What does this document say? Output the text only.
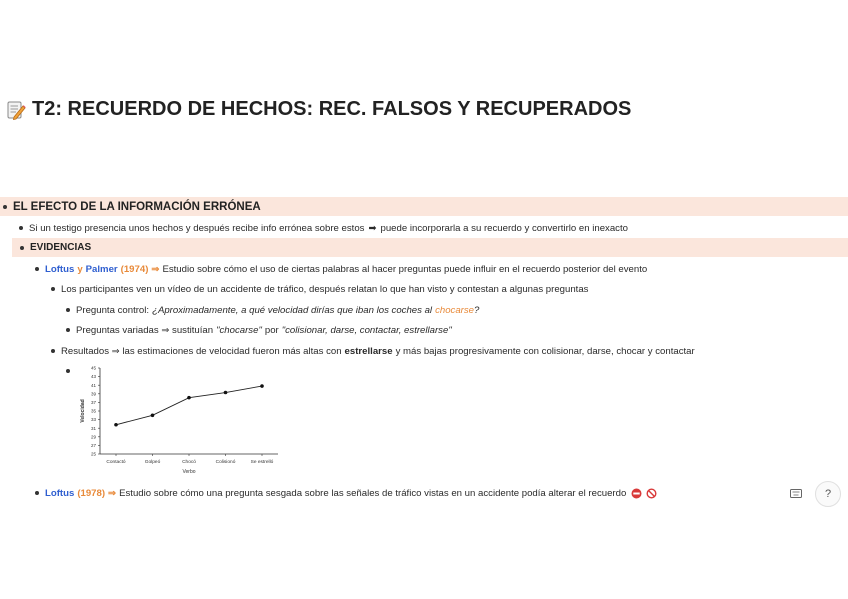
T2: RECUERDO DE HECHOS: REC. FALSOS Y RECUPERADOS
EL EFECTO DE LA INFORMACIÓN ERRÓNEA
Si un testigo presencia unos hechos y después recibe info errónea sobre estos ➡ puede incorporarla a su recuerdo y convertirlo en inexacto
EVIDENCIAS
Loftus y Palmer (1974) ⇒ Estudio sobre cómo el uso de ciertas palabras al hacer preguntas puede influir en el recuerdo posterior del evento
Los participantes ven un vídeo de un accidente de tráfico, después relatan lo que han visto y contestan a algunas preguntas
Pregunta control: ¿Aproximadamente, a qué velocidad dirías que iban los coches al chocarse ?
Preguntas variadas ⇒ sustituían "chocarse" por "colisionar, darse, contactar, estrellarse"
Resultados ⇒ las estimaciones de velocidad fueron más altas con estrellarse y más bajas progresivamente con colisionar, darse, chocar y contactar
25
27
29
31
33
35
37
39
41
43
45
Contactó	Golpeó	Chocó	Colisionó	Se estrelló
Verbo
Velocidad
Loftus (1978) ⇒ Estudio sobre cómo una pregunta sesgada sobre las señales de tráfico vistas en un accidente podía alterar el recuerdo	?
